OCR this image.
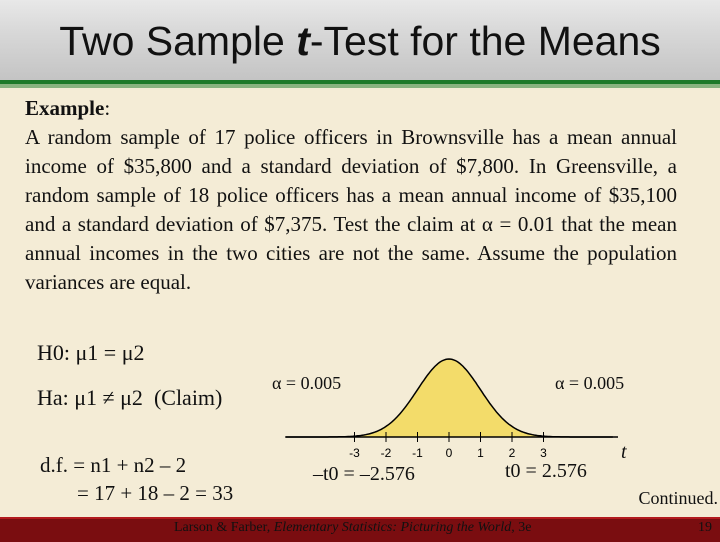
Two Sample t-Test for the Means
Example:
A random sample of 17 police officers in Brownsville has a mean annual income of $35,800 and a standard deviation of $7,800. In Greensville, a random sample of 18 police officers has a mean annual income of $35,100 and a standard deviation of $7,375. Test the claim at α = 0.01 that the mean annual incomes in the two cities are not the same. Assume the population variances are equal.
H0: μ1 = μ2
Ha: μ1 ≠ μ2 (Claim)
d.f. = n1 + n2 – 2
= 17 + 18 – 2 = 33
-3 -2 -1 0 1 2 3
α = 0.005	α = 0.005
–t0 = –2.576	t0 = 2.576
t
Continued.
Larson & Farber, Elementary Statistics: Picturing the World, 3e	19
